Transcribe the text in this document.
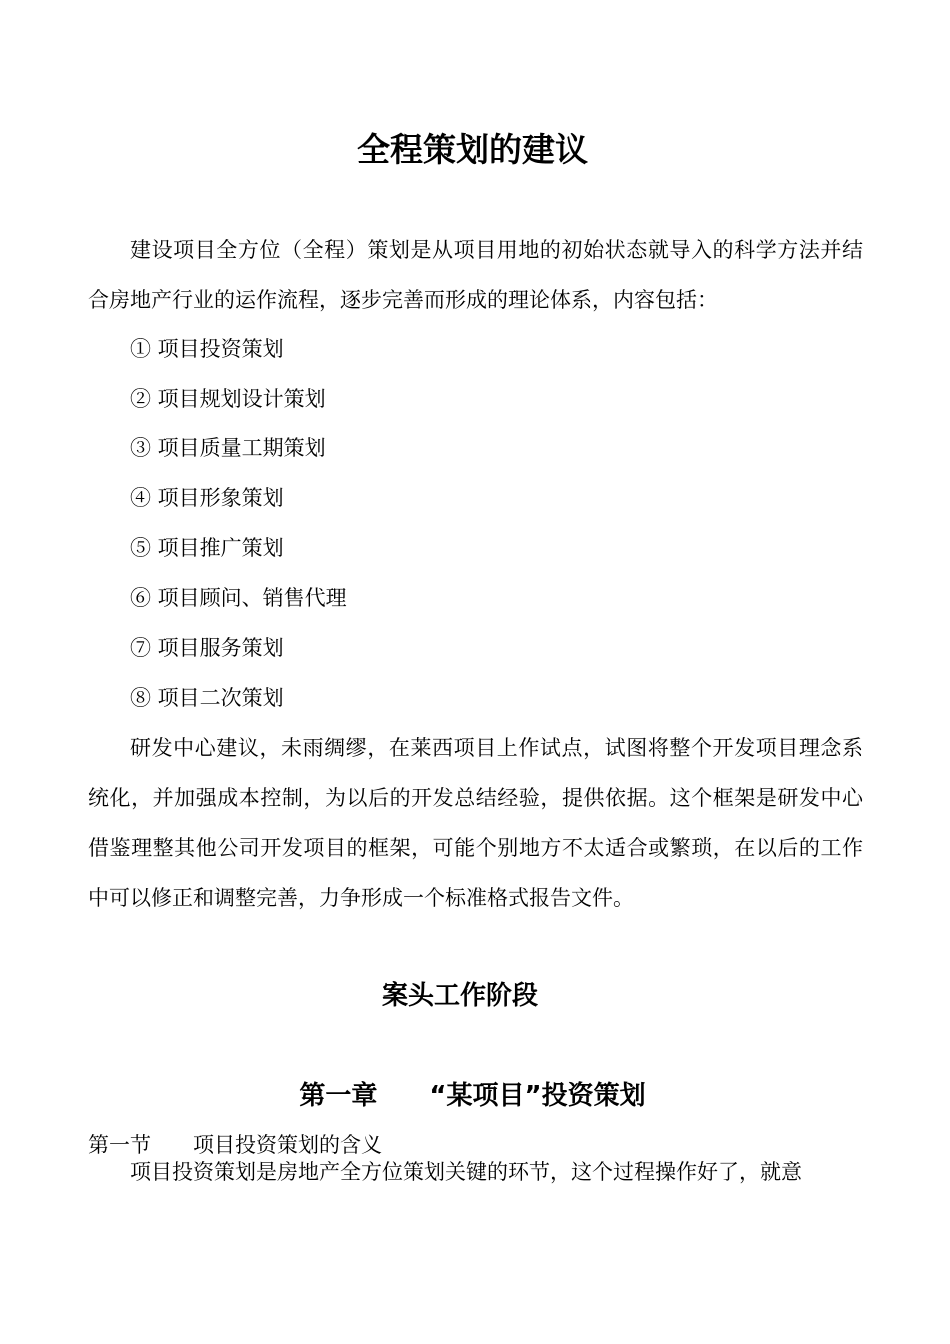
全程策划的建议

建设项目全方位（全程）策划是从项目用地的初始状态就导入的科学方法并结合房地产行业的运作流程，逐步完善而形成的理论体系，内容包括：

① 项目投资策划

② 项目规划设计策划

③ 项目质量工期策划

④ 项目形象策划

⑤ 项目推广策划

⑥ 项目顾问、销售代理

⑦ 项目服务策划

⑧ 项目二次策划

研发中心建议，未雨绸缪，在莱西项目上作试点，试图将整个开发项目理念系统化，并加强成本控制，为以后的开发总结经验，提供依据。这个框架是研发中心借鉴理整其他公司开发项目的框架，可能个别地方不太适合或繁琐，在以后的工作中可以修正和调整完善，力争形成一个标准格式报告文件。

案头工作阶段
第一章　　“某项目”投资策划

第一节　　项目投资策划的含义

项目投资策划是房地产全方位策划关键的环节，这个过程操作好了，就意
